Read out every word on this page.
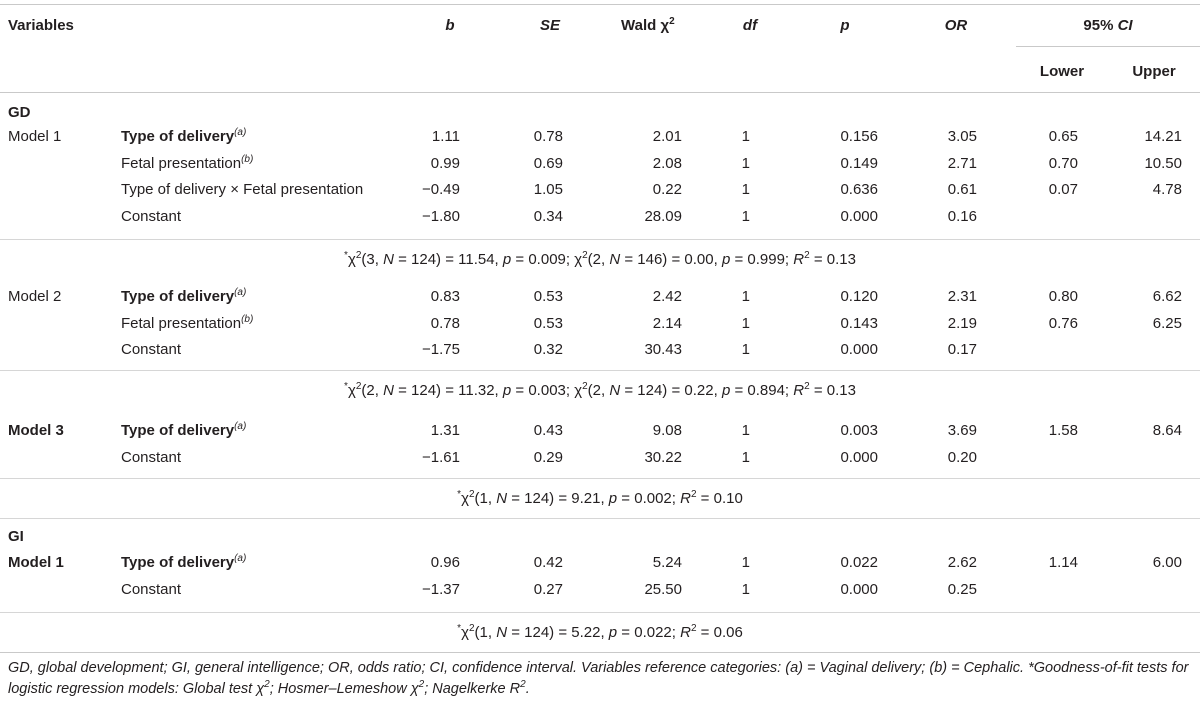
Variables	b	SE	Wald $\chi^2$	df	p	OR	95% CI
Lower	Upper
GD
Model 1	Type of delivery$^{(a)}$	1.11	0.78	2.01	1	0.156	3.05	0.65	14.21
Fetal presentation$^{(b)}$	0.99	0.69	2.08	1	0.149	2.71	0.70	10.50
Type of delivery × Fetal presentation	−0.49	1.05	0.22	1	0.636	0.61	0.07	4.78
Constant	−1.80	0.34	28.09	1	0.000	0.16
$^*\chi^2(3$, N = 124) = 11.54, p = 0.009; $\chi^2(2$, N = 146) = 0.00, p = 0.999; $R^2 = 0.13$
Model 2	Type of delivery$^{(a)}$	0.83	0.53	2.42	1	0.120	2.31	0.80	6.62
Fetal presentation$^{(b)}$	0.78	0.53	2.14	1	0.143	2.19	0.76	6.25
Constant	−1.75	0.32	30.43	1	0.000	0.17
$^*\chi^2(2$, N = 124) = 11.32, p = 0.003; $\chi^2(2$, N = 124) = 0.22, p = 0.894; $R^2 = 0.13$
Model 3	Type of delivery$^{(a)}$	1.31	0.43	9.08	1	0.003	3.69	1.58	8.64
Constant	−1.61	0.29	30.22	1	0.000	0.20
$^*\chi^2(1$, N = 124) = 9.21, p = 0.002; $R^2 = 0.10$
GI
Model 1	Type of delivery$^{(a)}$	0.96	0.42	5.24	1	0.022	2.62	1.14	6.00
Constant	−1.37	0.27	25.50	1	0.000	0.25
$^*\chi^2(1$, N = 124) = 5.22, p = 0.022; $R^2 = 0.06$
GD, global development; GI, general intelligence; OR, odds ratio; CI, confidence interval. Variables reference categories: (a) = Vaginal delivery; (b) = Cephalic. *Goodness-of-fit tests for logistic regression models: Global test $\chi^2$; Hosmer–Lemeshow $\chi^2$; Nagelkerke $R^2$.
